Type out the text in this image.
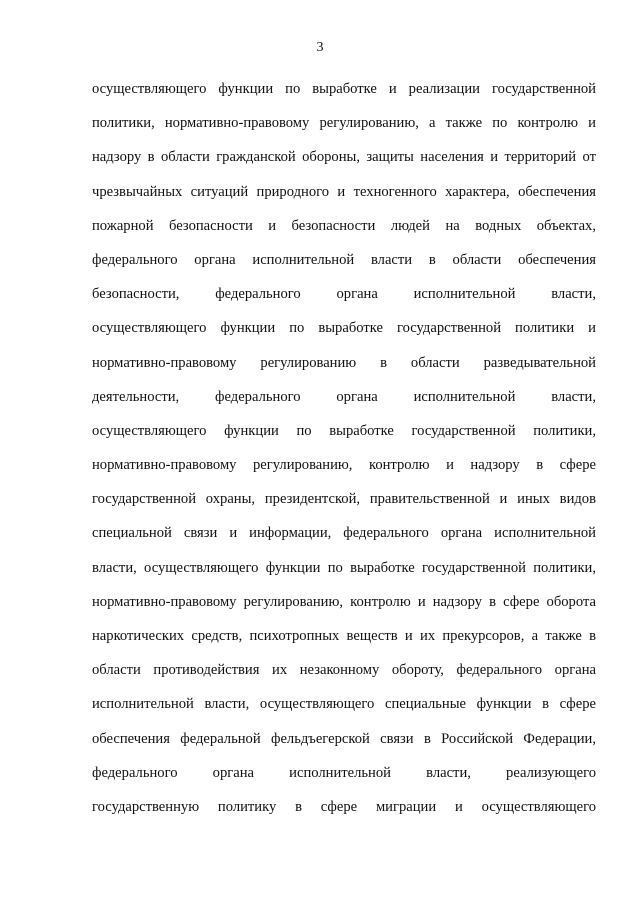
3
осуществляющего функции по выработке и реализации государственной
политики, нормативно-правовому регулированию, а также по контролю и
надзору в области гражданской обороны, защиты населения и территорий от
чрезвычайных ситуаций природного и техногенного характера, обеспечения
пожарной безопасности и безопасности людей на водных объектах,
федерального органа исполнительной власти в области обеспечения
безопасности, федерального органа исполнительной власти,
осуществляющего функции по выработке государственной политики и
нормативно-правовому регулированию в области разведывательной
деятельности, федерального органа исполнительной власти,
осуществляющего функции по выработке государственной политики,
нормативно-правовому регулированию, контролю и надзору в сфере
государственной охраны, президентской, правительственной и иных видов
специальной связи и информации, федерального органа исполнительной
власти, осуществляющего функции по выработке государственной политики,
нормативно-правовому регулированию, контролю и надзору в сфере оборота
наркотических средств, психотропных веществ и их прекурсоров, а также в
области противодействия их незаконному обороту, федерального органа
исполнительной власти, осуществляющего специальные функции в сфере
обеспечения федеральной фельдъегерской связи в Российской Федерации,
федерального органа исполнительной власти, реализующего
государственную политику в сфере миграции и осуществляющего
